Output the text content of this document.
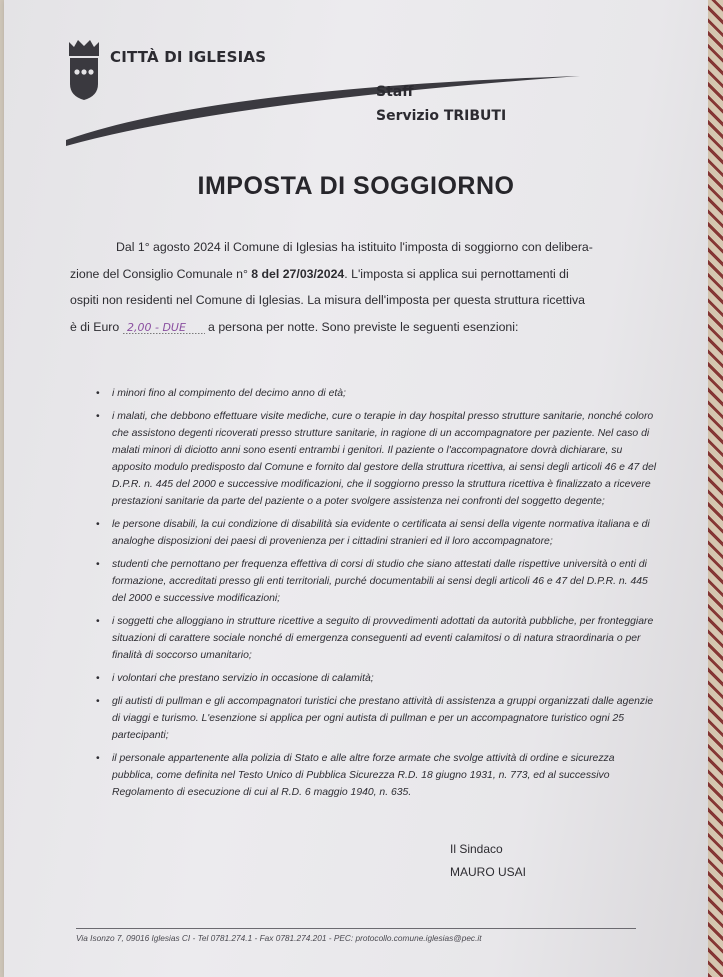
CITTÀ DI IGLESIAS
Staff
Servizio TRIBUTI
IMPOSTA DI SOGGIORNO

Dal 1° agosto 2024 il Comune di Iglesias ha istituito l'imposta di soggiorno con delibera-

zione del Consiglio Comunale n° 8 del 27/03/2024. L'imposta si applica sui pernottamenti di

ospiti non residenti nel Comune di Iglesias. La misura dell'imposta per questa struttura ricettiva

è di Euro 2,00 - DUE a persona per notte. Sono previste le seguenti esenzioni:

• i minori fino al compimento del decimo anno di età;
• i malati, che debbono effettuare visite mediche, cure o terapie in day hospital presso strutture sanitarie, nonché coloro che assistono degenti ricoverati presso strutture sanitarie, in ragione di un accompagnatore per paziente. Nel caso di malati minori di diciotto anni sono esenti entrambi i genitori. Il paziente o l'accompagnatore dovrà dichiarare, su apposito modulo predisposto dal Comune e fornito dal gestore della struttura ricettiva, ai sensi degli articoli 46 e 47 del D.P.R. n. 445 del 2000 e successive modificazioni, che il soggiorno presso la struttura ricettiva è finalizzato a ricevere prestazioni sanitarie da parte del paziente o a poter svolgere assistenza nei confronti del soggetto degente;
• le persone disabili, la cui condizione di disabilità sia evidente o certificata ai sensi della vigente normativa italiana e di analoghe disposizioni dei paesi di provenienza per i cittadini stranieri ed il loro accompagnatore;
• studenti che pernottano per frequenza effettiva di corsi di studio che siano attestati dalle rispettive università o enti di formazione, accreditati presso gli enti territoriali, purché documentabili ai sensi degli articoli 46 e 47 del D.P.R. n. 445 del 2000 e successive modificazioni;
• i soggetti che alloggiano in strutture ricettive a seguito di provvedimenti adottati da autorità pubbliche, per fronteggiare situazioni di carattere sociale nonché di emergenza conseguenti ad eventi calamitosi o di natura straordinaria o per finalità di soccorso umanitario;
• i volontari che prestano servizio in occasione di calamità;
• gli autisti di pullman e gli accompagnatori turistici che prestano attività di assistenza a gruppi organizzati dalle agenzie di viaggi e turismo. L'esenzione si applica per ogni autista di pullman e per un accompagnatore turistico ogni 25 partecipanti;
• il personale appartenente alla polizia di Stato e alle altre forze armate che svolge attività di ordine e sicurezza pubblica, come definita nel Testo Unico di Pubblica Sicurezza R.D. 18 giugno 1931, n. 773, ed al successivo Regolamento di esecuzione di cui al R.D. 6 maggio 1940, n. 635.
Il Sindaco
MAURO USAI
Via Isonzo 7, 09016 Iglesias CI - Tel 0781.274.1 - Fax 0781.274.201 - PEC: protocollo.comune.iglesias@pec.it
